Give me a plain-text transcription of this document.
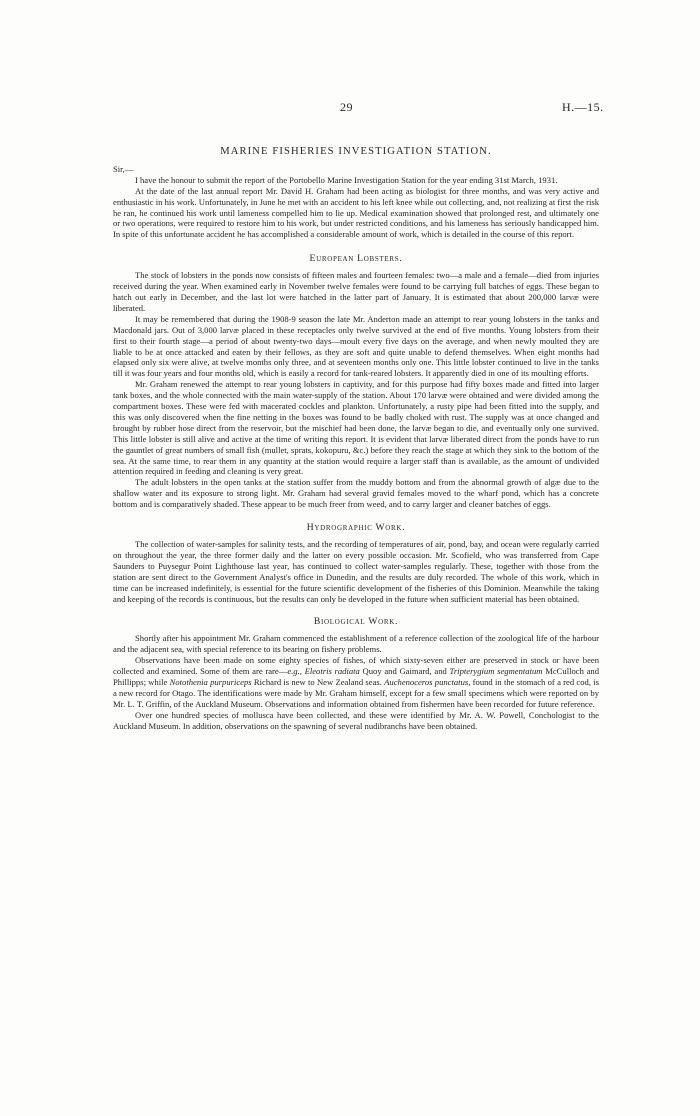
29	H.—15.
MARINE FISHERIES INVESTIGATION STATION.
Sir,—

I have the honour to submit the report of the Portobello Marine Investigation Station for the year ending 31st March, 1931.

At the date of the last annual report Mr. David H. Graham had been acting as biologist for three months, and was very active and enthusiastic in his work. Unfortunately, in June he met with an accident to his left knee while out collecting, and, not realizing at first the risk he ran, he continued his work until lameness compelled him to lie up. Medical examination showed that prolonged rest, and ultimately one or two operations, were required to restore him to his work, but under restricted conditions, and his lameness has seriously handicapped him. In spite of this unfortunate accident he has accomplished a considerable amount of work, which is detailed in the course of this report.

European Lobsters.

The stock of lobsters in the ponds now consists of fifteen males and fourteen females: two—a male and a female—died from injuries received during the year. When examined early in November twelve females were found to be carrying full batches of eggs. These began to hatch out early in December, and the last lot were hatched in the latter part of January. It is estimated that about 200,000 larvæ were liberated.

It may be remembered that during the 1908-9 season the late Mr. Anderton made an attempt to rear young lobsters in the tanks and Macdonald jars. Out of 3,000 larvæ placed in these receptacles only twelve survived at the end of five months. Young lobsters from their first to their fourth stage—a period of about twenty-two days—moult every five days on the average, and when newly moulted they are liable to be at once attacked and eaten by their fellows, as they are soft and quite unable to defend themselves. When eight months had elapsed only six were alive, at twelve months only three, and at seventeen months only one. This little lobster continued to live in the tanks till it was four years and four months old, which is easily a record for tank-reared lobsters. It apparently died in one of its moulting efforts.

Mr. Graham renewed the attempt to rear young lobsters in captivity, and for this purpose had fifty boxes made and fitted into larger tank boxes, and the whole connected with the main water-supply of the station. About 170 larvæ were obtained and were divided among the compartment boxes. These were fed with macerated cockles and plankton. Unfortunately, a rusty pipe had been fitted into the supply, and this was only discovered when the fine netting in the boxes was found to be badly choked with rust. The supply was at once changed and brought by rubber hose direct from the reservoir, but the mischief had been done, the larvæ began to die, and eventually only one survived. This little lobster is still alive and active at the time of writing this report. It is evident that larvæ liberated direct from the ponds have to run the gauntlet of great numbers of small fish (mullet, sprats, kokopuru, &c.) before they reach the stage at which they sink to the bottom of the sea. At the same time, to rear them in any quantity at the station would require a larger staff than is available, as the amount of undivided attention required in feeding and cleaning is very great.

The adult lobsters in the open tanks at the station suffer from the muddy bottom and from the abnormal growth of algæ due to the shallow water and its exposure to strong light. Mr. Graham had several gravid females moved to the wharf pond, which has a concrete bottom and is comparatively shaded. These appear to be much freer from weed, and to carry larger and cleaner batches of eggs.

Hydrographic Work.

The collection of water-samples for salinity tests, and the recording of temperatures of air, pond, bay, and ocean were regularly carried on throughout the year, the three former daily and the latter on every possible occasion. Mr. Scofield, who was transferred from Cape Saunders to Puysegur Point Lighthouse last year, has continued to collect water-samples regularly. These, together with those from the station are sent direct to the Government Analyst's office in Dunedin, and the results are duly recorded. The whole of this work, which in time can be increased indefinitely, is essential for the future scientific development of the fisheries of this Dominion. Meanwhile the taking and keeping of the records is continuous, but the results can only be developed in the future when sufficient material has been obtained.

Biological Work.

Shortly after his appointment Mr. Graham commenced the establishment of a reference collection of the zoological life of the harbour and the adjacent sea, with special reference to its bearing on fishery problems.

Observations have been made on some eighty species of fishes, of which sixty-seven either are preserved in stock or have been collected and examined. Some of them are rare—e.g., Eleotris radiata Quoy and Gaimard, and Tripterygium segmentatum McCulloch and Phillipps; while Notothenia purpuriceps Richard is new to New Zealand seas. Auchenoceros punctatus, found in the stomach of a red cod, is a new record for Otago. The identifications were made by Mr. Graham himself, except for a few small specimens which were reported on by Mr. L. T. Griffin, of the Auckland Museum. Observations and information obtained from fishermen have been recorded for future reference.

Over one hundred species of mollusca have been collected, and these were identified by Mr. A. W. Powell, Conchologist to the Auckland Museum. In addition, observations on the spawning of several nudibranchs have been obtained.
